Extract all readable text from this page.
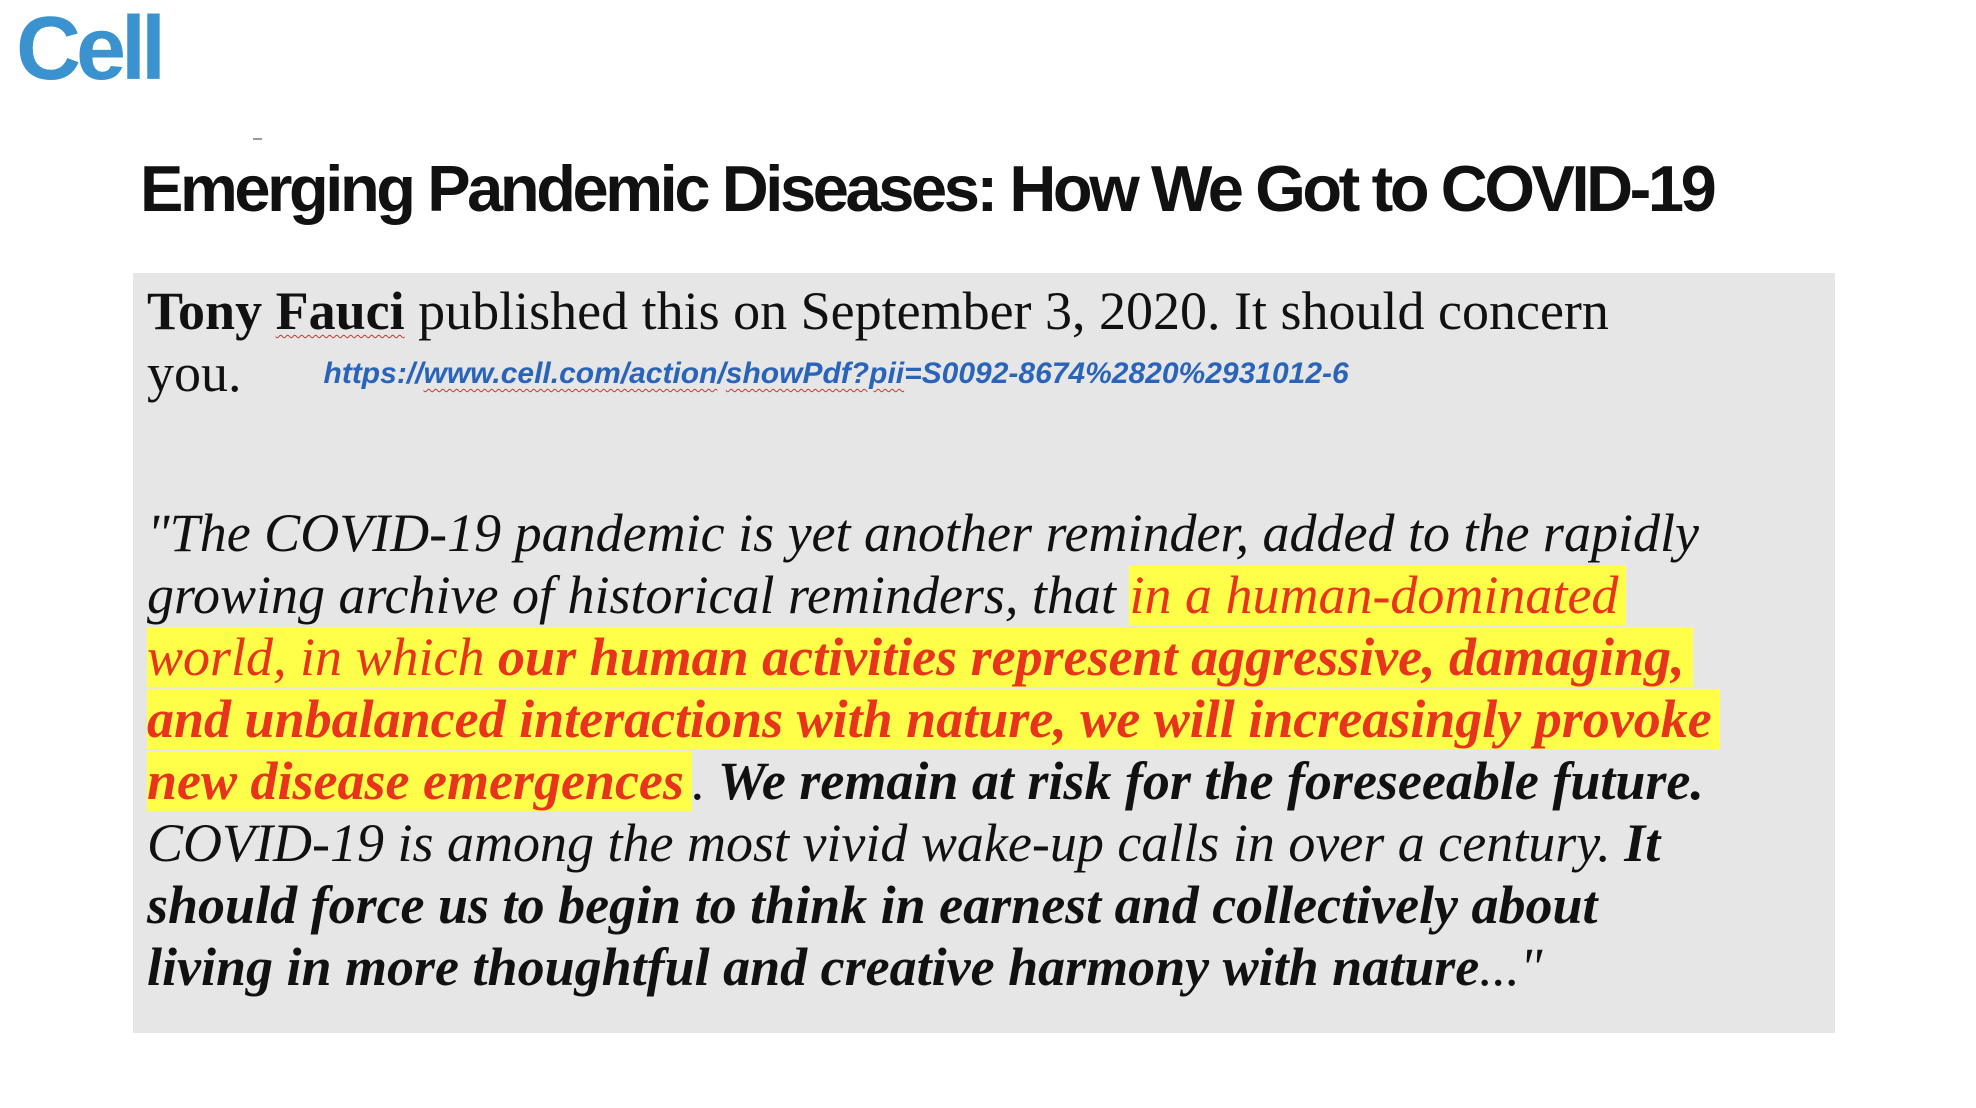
Cell
Emerging Pandemic Diseases: How We Got to COVID-19
Tony Fauci published this on September 3, 2020. It should concern
you.	https://www.cell.com/action/showPdf?pii=S0092-8674%2820%2931012-6
"The COVID-19 pandemic is yet another reminder, added to the rapidly
growing archive of historical reminders, that in a human-dominated
world, in which our human activities represent aggressive, damaging,
and unbalanced interactions with nature, we will increasingly provoke
new disease emergences . We remain at risk for the foreseeable future.
COVID-19 is among the most vivid wake-up calls in over a century. It
should force us to begin to think in earnest and collectively about
living in more thoughtful and creative harmony with nature..."
